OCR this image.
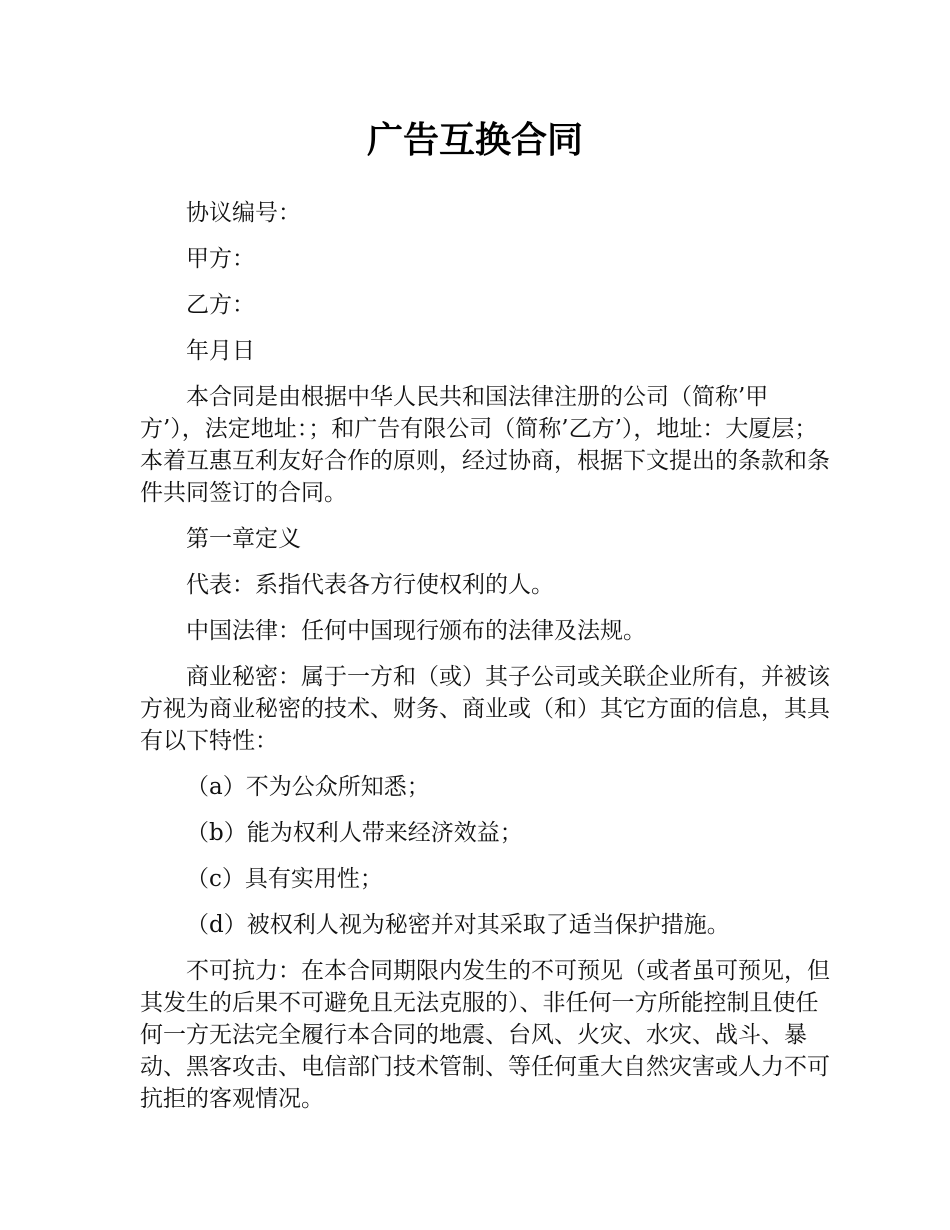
广告互换合同

协议编号：

甲方：

乙方：

年月日

本合同是由根据中华人民共和国法律注册的公司（简称’甲方’），法定地址：；和广告有限公司（简称’乙方’），地址：大厦层；本着互惠互利友好合作的原则，经过协商，根据下文提出的条款和条件共同签订的合同。

第一章定义

代表：系指代表各方行使权利的人。

中国法律：任何中国现行颁布的法律及法规。

商业秘密：属于一方和（或）其子公司或关联企业所有，并被该方视为商业秘密的技术、财务、商业或（和）其它方面的信息，其具有以下特性：

（a）不为公众所知悉；

（b）能为权利人带来经济效益；

（c）具有实用性；

（d）被权利人视为秘密并对其采取了适当保护措施。

不可抗力：在本合同期限内发生的不可预见（或者虽可预见，但其发生的后果不可避免且无法克服的）、非任何一方所能控制且使任何一方无法完全履行本合同的地震、台风、火灾、水灾、战斗、暴动、黑客攻击、电信部门技术管制、等任何重大自然灾害或人力不可抗拒的客观情况。
